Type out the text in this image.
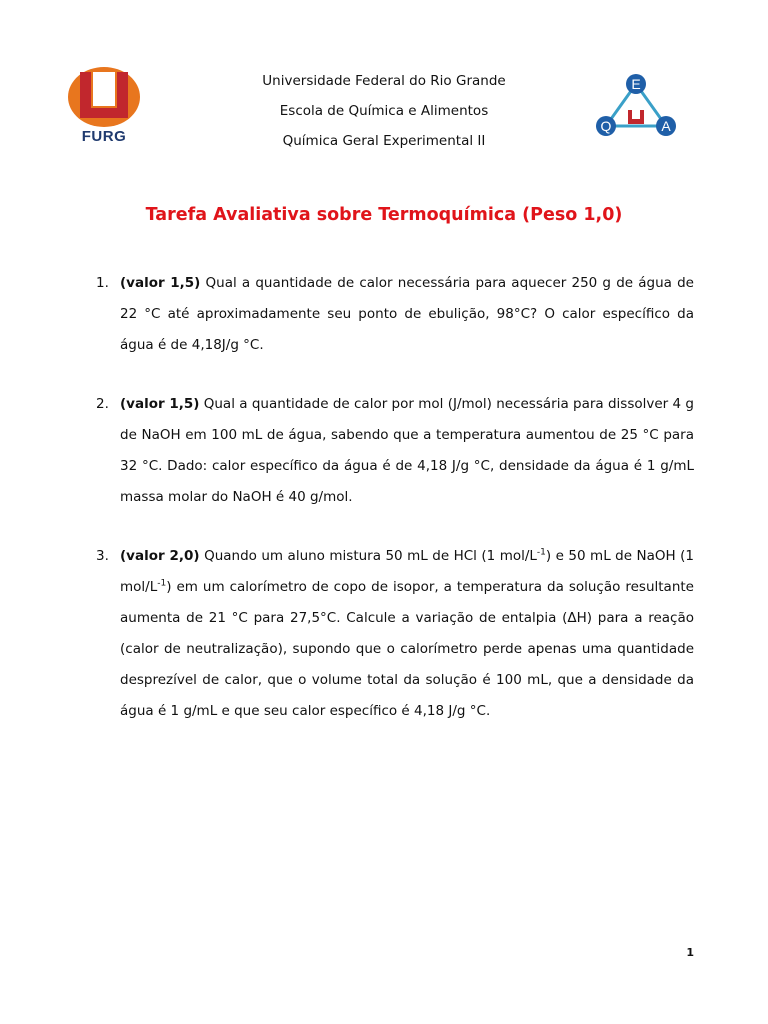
FURG
Universidade Federal do Rio Grande
Escola de Química e Alimentos
Química Geral Experimental II
E
Q	A
Tarefa Avaliativa sobre Termoquímica (Peso 1,0)
1. (valor 1,5) Qual a quantidade de calor necessária para aquecer 250 g de água de 22 °C até aproximadamente seu ponto de ebulição, 98°C? O calor específico da água é de 4,18J/g °C.
2. (valor 1,5) Qual a quantidade de calor por mol (J/mol) necessária para dissolver 4 g de NaOH em 100 mL de água, sabendo que a temperatura aumentou de 25 °C para 32 °C. Dado: calor específico da água é de 4,18 J/g °C, densidade da água é 1 g/mL massa molar do NaOH é 40 g/mol.
3. (valor 2,0) Quando um aluno mistura 50 mL de HCl (1 mol/$L^{-1}$) e 50 mL de NaOH (1 mol/$L^{-1}$) em um calorímetro de copo de isopor, a temperatura da solução resultante aumenta de 21 °C para 27,5°C. Calcule a variação de entalpia (ΔH) para a reação (calor de neutralização), supondo que o calorímetro perde apenas uma quantidade desprezível de calor, que o volume total da solução é 100 mL, que a densidade da água é 1 g/mL e que seu calor específico é 4,18 J/g °C.
1
